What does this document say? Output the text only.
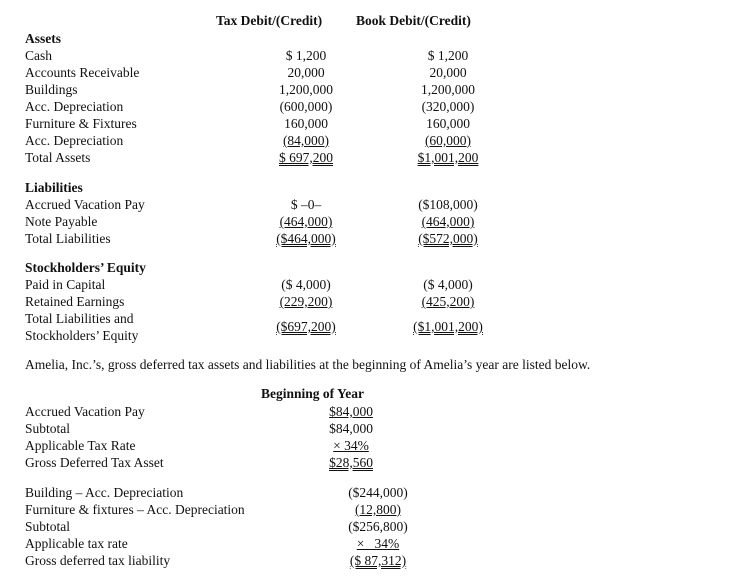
Tax Debit/(Credit)	Book Debit/(Credit)
Assets
Cash	$ 1,200	$ 1,200
Accounts Receivable	20,000	20,000
Buildings	1,200,000	1,200,000
Acc. Depreciation	(600,000)	(320,000)
Furniture & Fixtures	160,000	160,000
Acc. Depreciation	(84,000)	(60,000)
Total Assets	$ 697,200	$1,001,200
Liabilities
Accrued Vacation Pay	$ –0–	($108,000)
Note Payable	(464,000)	(464,000)
Total Liabilities	($464,000)	($572,000)
Stockholders’ Equity
Paid in Capital	($ 4,000)	($ 4,000)
Retained Earnings	(229,200)	(425,200)
Total Liabilities and
Stockholders’ Equity
($697,200)	($1,001,200)
Amelia, Inc.’s, gross deferred tax assets and liabilities at the beginning of Amelia’s year are listed below.
Beginning of Year
Accrued Vacation Pay	$84,000
Subtotal	$84,000
Applicable Tax Rate	× 34%
Gross Deferred Tax Asset	$28,560
Building – Acc. Depreciation	($244,000)
Furniture & fixtures – Acc. Depreciation	(12,800)
Subtotal	($256,800)
Applicable tax rate	×   34%
Gross deferred tax liability	($ 87,312)
